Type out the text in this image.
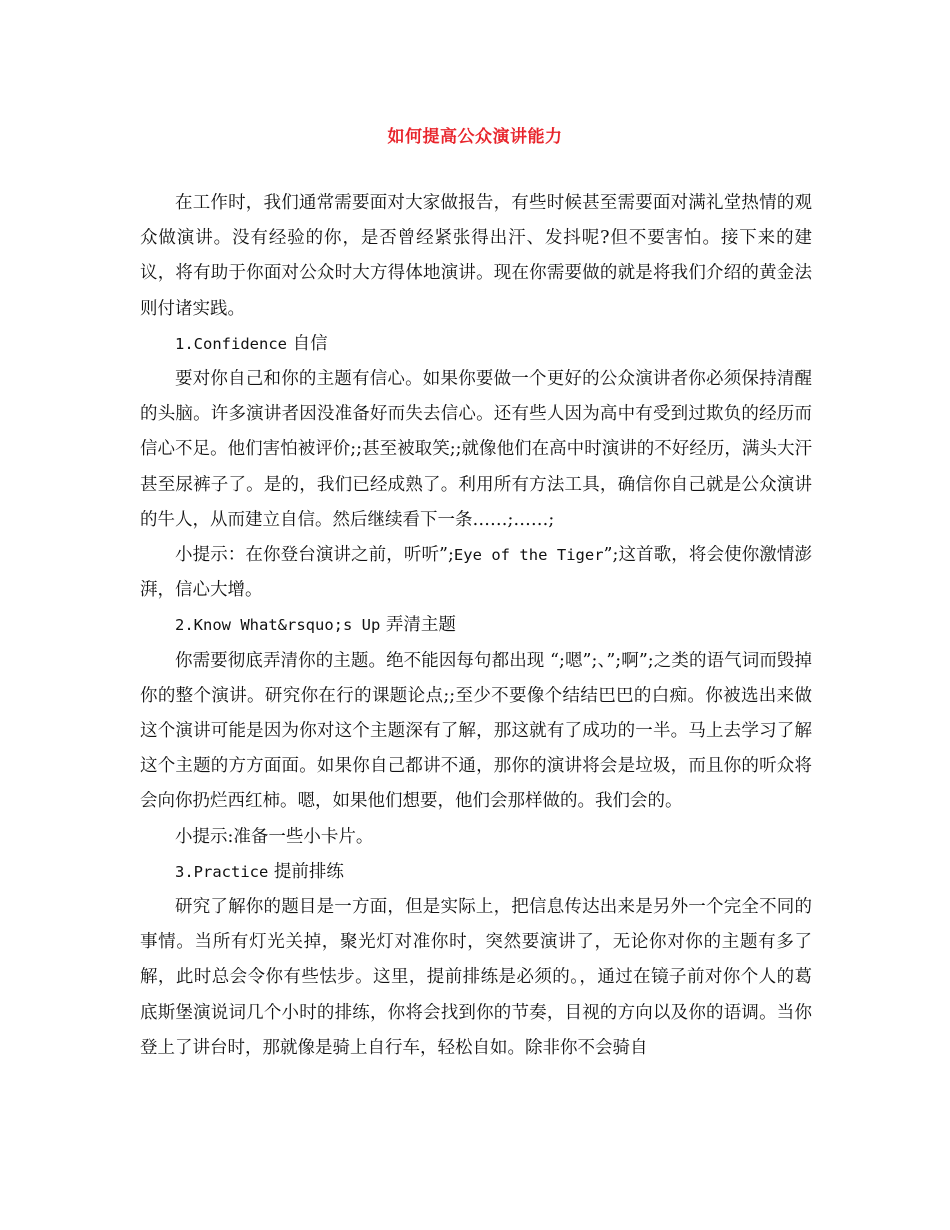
如何提高公众演讲能力

在工作时，我们通常需要面对大家做报告，有些时候甚至需要面对满礼堂热情的观众做演讲。没有经验的你，是否曾经紧张得出汗、发抖呢?但不要害怕。接下来的建议，将有助于你面对公众时大方得体地演讲。现在你需要做的就是将我们介绍的黄金法则付诸实践。

1.Confidence 自信

要对你自己和你的主题有信心。如果你要做一个更好的公众演讲者你必须保持清醒的头脑。许多演讲者因没准备好而失去信心。还有些人因为高中有受到过欺负的经历而信心不足。他们害怕被评价;;甚至被取笑;;就像他们在高中时演讲的不好经历，满头大汗甚至尿裤子了。是的，我们已经成熟了。利用所有方法工具，确信你自己就是公众演讲的牛人，从而建立自信。然后继续看下一条……;……;

小提示：在你登台演讲之前，听听”;Eye of the Tiger”;这首歌，将会使你激情澎湃，信心大增。

2.Know What&rsquo;s Up 弄清主题

你需要彻底弄清你的主题。绝不能因每句都出现 “;嗯”;、”;啊”;之类的语气词而毁掉你的整个演讲。研究你在行的课题论点;;至少不要像个结结巴巴的白痴。你被选出来做这个演讲可能是因为你对这个主题深有了解，那这就有了成功的一半。马上去学习了解这个主题的方方面面。如果你自己都讲不通，那你的演讲将会是垃圾，而且你的听众将会向你扔烂西红柿。嗯，如果他们想要，他们会那样做的。我们会的。

小提示:准备一些小卡片。

3.Practice 提前排练

研究了解你的题目是一方面，但是实际上，把信息传达出来是另外一个完全不同的事情。当所有灯光关掉，聚光灯对准你时，突然要演讲了，无论你对你的主题有多了解，此时总会令你有些怯步。这里，提前排练是必须的。，通过在镜子前对你个人的葛底斯堡演说词几个小时的排练，你将会找到你的节奏，目视的方向以及你的语调。当你登上了讲台时，那就像是骑上自行车，轻松自如。除非你不会骑自
